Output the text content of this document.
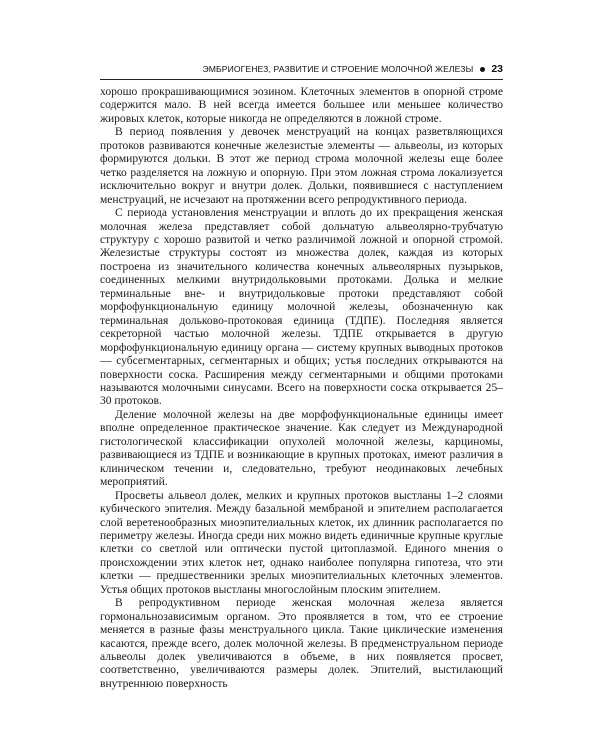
ЭМБРИОГЕНЕЗ, РАЗВИТИЕ И СТРОЕНИЕ МОЛОЧНОЙ ЖЕЛЕЗЫ 23

хорошо прокрашивающимися эозином. Клеточных элементов в опорной строме содержится мало. В ней всегда имеется большее или меньшее количество жировых клеток, которые никогда не определяются в ложной строме.

В период появления у девочек менструаций на концах разветвляющихся протоков развиваются конечные железистые элементы — альвеолы, из которых формируются дольки. В этот же период строма молочной железы еще более четко разделяется на ложную и опорную. При этом ложная строма локализуется исключительно вокруг и внутри долек. Дольки, появившиеся с наступлением менструаций, не исчезают на протяжении всего репродуктивного периода.

С периода установления менструации и вплоть до их прекращения женская молочная железа представляет собой дольчатую альвеолярно-трубчатую структуру с хорошо развитой и четко различимой ложной и опорной стромой. Железистые структуры состоят из множества долек, каждая из которых построена из значительного количества конечных альвеолярных пузырьков, соединенных мелкими внутридольковыми протоками. Долька и мелкие терминальные вне- и внутридольковые протоки представляют собой морфофункциональную единицу молочной железы, обозначенную как терминальная дольково-протоковая единица (ТДПЕ). Последняя является секреторной частью молочной железы. ТДПЕ открывается в другую морфофункциональную единицу органа — систему крупных выводных протоков — субсегментарных, сегментарных и общих; устья последних открываются на поверхности соска. Расширения между сегментарными и общими протоками называются молочными синусами. Всего на поверхности соска открывается 25–30 протоков.

Деление молочной железы на две морфофункциональные единицы имеет вполне определенное практическое значение. Как следует из Международной гистологической классификации опухолей молочной железы, карциномы, развивающиеся из ТДПЕ и возникающие в крупных протоках, имеют различия в клиническом течении и, следовательно, требуют неодинаковых лечебных мероприятий.

Просветы альвеол долек, мелких и крупных протоков выстланы 1–2 слоями кубического эпителия. Между базальной мембраной и эпителием располагается слой веретенообразных миоэпителиальных клеток, их длинник располагается по периметру железы. Иногда среди них можно видеть единичные крупные круглые клетки со светлой или оптически пустой цитоплазмой. Единого мнения о происхождении этих клеток нет, однако наиболее популярна гипотеза, что эти клетки — предшественники зрелых миоэпителиальных клеточных элементов. Устья общих протоков выстланы многослойным плоским эпителием.

В репродуктивном периоде женская молочная железа является гормональнозависимым органом. Это проявляется в том, что ее строение меняется в разные фазы менструального цикла. Такие циклические изменения касаются, прежде всего, долек молочной железы. В предменструальном периоде альвеолы долек увеличиваются в объеме, в них появляется просвет, соответственно, увеличиваются размеры долек. Эпителий, выстилающий внутреннюю поверхность
